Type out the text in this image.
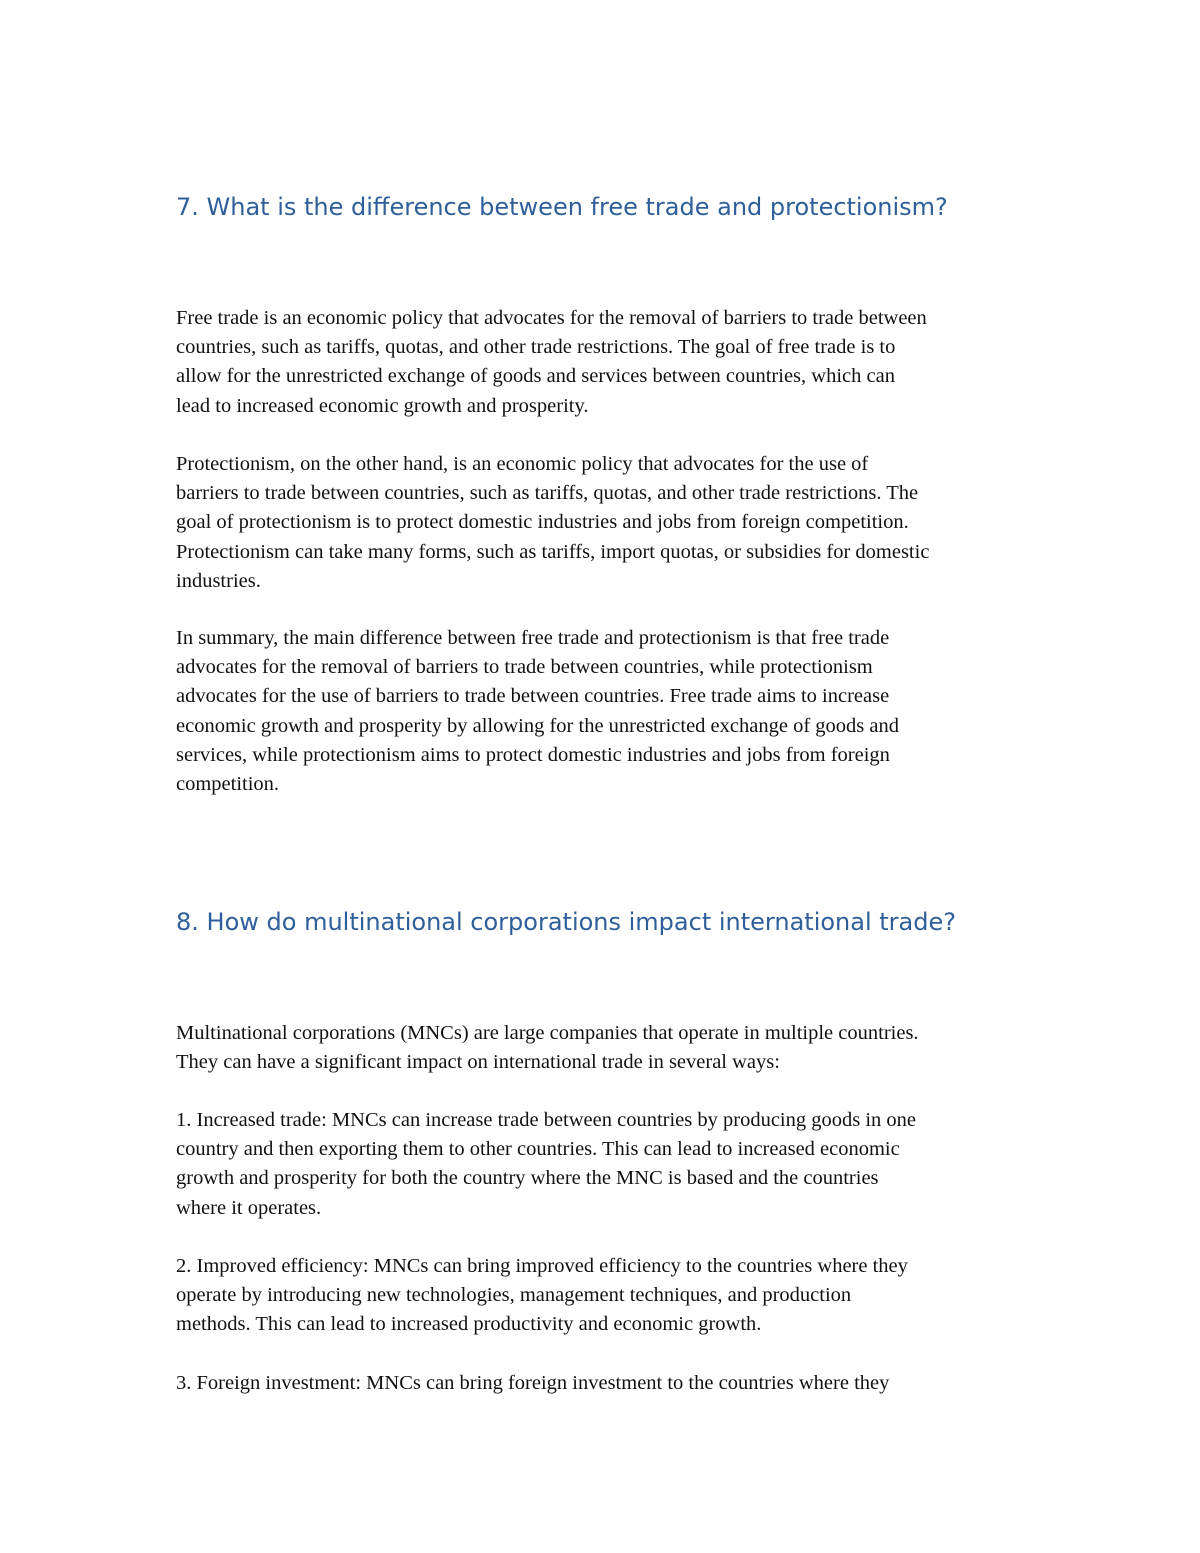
7. What is the difference between free trade and protectionism?

Free trade is an economic policy that advocates for the removal of barriers to trade between
countries, such as tariffs, quotas, and other trade restrictions. The goal of free trade is to
allow for the unrestricted exchange of goods and services between countries, which can
lead to increased economic growth and prosperity.

Protectionism, on the other hand, is an economic policy that advocates for the use of
barriers to trade between countries, such as tariffs, quotas, and other trade restrictions. The
goal of protectionism is to protect domestic industries and jobs from foreign competition.
Protectionism can take many forms, such as tariffs, import quotas, or subsidies for domestic
industries.

In summary, the main difference between free trade and protectionism is that free trade
advocates for the removal of barriers to trade between countries, while protectionism
advocates for the use of barriers to trade between countries. Free trade aims to increase
economic growth and prosperity by allowing for the unrestricted exchange of goods and
services, while protectionism aims to protect domestic industries and jobs from foreign
competition.

8. How do multinational corporations impact international trade?

Multinational corporations (MNCs) are large companies that operate in multiple countries.
They can have a significant impact on international trade in several ways:

1. Increased trade: MNCs can increase trade between countries by producing goods in one
country and then exporting them to other countries. This can lead to increased economic
growth and prosperity for both the country where the MNC is based and the countries
where it operates.

2. Improved efficiency: MNCs can bring improved efficiency to the countries where they
operate by introducing new technologies, management techniques, and production
methods. This can lead to increased productivity and economic growth.

3. Foreign investment: MNCs can bring foreign investment to the countries where they
